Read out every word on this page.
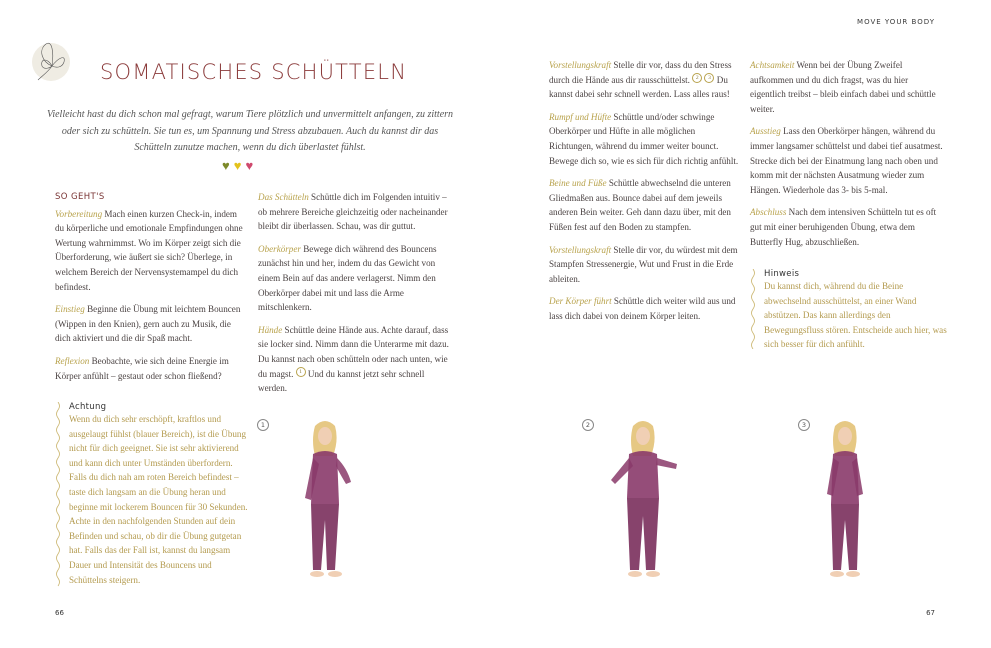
MOVE YOUR BODY
SOMATISCHES SCHÜTTELN
Vielleicht hast du dich schon mal gefragt, warum Tiere plötzlich und unvermittelt anfangen, zu zittern oder sich zu schütteln. Sie tun es, um Spannung und Stress abzubauen. Auch du kannst dir das Schütteln zunutze machen, wenn du dich überlastet fühlst.
♥ ♥ ♥
SO GEHT'S

Vorbereitung Mach einen kurzen Check-in, indem du körperliche und emotionale Empfindungen ohne Wertung wahrnimmst. Wo im Körper zeigt sich die Überforderung, wie äußert sie sich? Überlege, in welchem Bereich der Nervensystemampel du dich befindest.

Einstieg Beginne die Übung mit leichtem Bouncen (Wippen in den Knien), gern auch zu Musik, die dich aktiviert und die dir Spaß macht.

Reflexion Beobachte, wie sich deine Energie im Körper anfühlt – gestaut oder schon fließend?

Achtung
Wenn du dich sehr erschöpft, kraftlos und ausgelaugt fühlst (blauer Bereich), ist die Übung nicht für dich geeignet. Sie ist sehr aktivierend und kann dich unter Umständen überfordern. Falls du dich nah am roten Bereich befindest – taste dich langsam an die Übung heran und beginne mit lockerem Bouncen für 30 Sekunden. Achte in den nachfolgenden Stunden auf dein Befinden und schau, ob dir die Übung gutgetan hat. Falls das der Fall ist, kannst du langsam Dauer und Intensität des Bouncens und Schüttelns steigern.

Das Schütteln Schüttle dich im Folgenden intuitiv – ob mehrere Bereiche gleichzeitig oder nacheinander bleibt dir überlassen. Schau, was dir guttut.

Oberkörper Bewege dich während des Bouncens zunächst hin und her, indem du das Gewicht von einem Bein auf das andere verlagerst. Nimm den Oberkörper dabei mit und lass die Arme mitschlenkern.

Hände Schüttle deine Hände aus. Achte darauf, dass sie locker sind. Nimm dann die Unterarme mit dazu. Du kannst nach oben schütteln oder nach unten, wie du magst. 1 Und du kannst jetzt sehr schnell werden.

Vorstellungskraft Stelle dir vor, dass du den Stress durch die Hände aus dir rausschüttelst. 2 3 Du kannst dabei sehr schnell werden. Lass alles raus!

Rumpf und Hüfte Schüttle und/oder schwinge Oberkörper und Hüfte in alle möglichen Richtungen, während du immer weiter bounct. Bewege dich so, wie es sich für dich richtig anfühlt.

Beine und Füße Schüttle abwechselnd die unteren Gliedmaßen aus. Bounce dabei auf dem jeweils anderen Bein weiter. Geh dann dazu über, mit den Füßen fest auf den Boden zu stampfen.

Vorstellungskraft Stelle dir vor, du würdest mit dem Stampfen Stressenergie, Wut und Frust in die Erde ableiten.

Der Körper führt Schüttle dich weiter wild aus und lass dich dabei von deinem Körper leiten.

Achtsamkeit Wenn bei der Übung Zweifel aufkommen und du dich fragst, was du hier eigentlich treibst – bleib einfach dabei und schüttle weiter.

Ausstieg Lass den Oberkörper hängen, während du immer langsamer schüttelst und dabei tief ausatmest. Strecke dich bei der Einatmung lang nach oben und komm mit der nächsten Ausatmung wieder zum Hängen. Wiederhole das 3- bis 5-mal.

Abschluss Nach dem intensiven Schütteln tut es oft gut mit einer beruhigenden Übung, etwa dem Butterfly Hug, abzuschließen.

Hinweis
Du kannst dich, während du die Beine abwechselnd ausschüttelst, an einer Wand abstützen. Das kann allerdings den Bewegungsfluss stören. Entscheide auch hier, was sich besser für dich anfühlt.
1	2	3
66	67
